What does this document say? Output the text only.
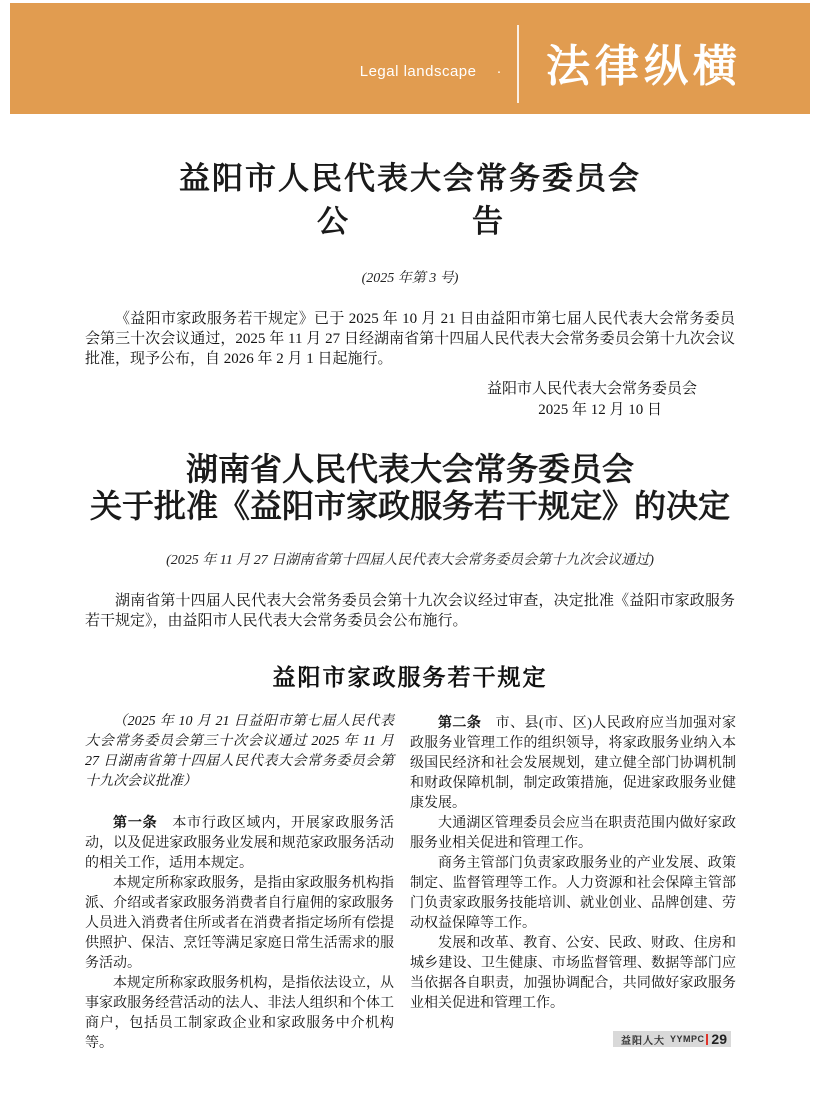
Legal landscape · 法律纵横
益阳市人民代表大会常务委员会
公　　　　告
(2025 年第 3 号)
《益阳市家政服务若干规定》已于 2025 年 10 月 21 日由益阳市第七届人民代表大会常务委员会第三十次会议通过，2025 年 11 月 27 日经湖南省第十四届人民代表大会常务委员会第十九次会议批准，现予公布，自 2026 年 2 月 1 日起施行。
益阳市人民代表大会常务委员会
2025 年 12 月 10 日
湖南省人民代表大会常务委员会
关于批准《益阳市家政服务若干规定》的决定
(2025 年 11 月 27 日湖南省第十四届人民代表大会常务委员会第十九次会议通过)
湖南省第十四届人民代表大会常务委员会第十九次会议经过审查，决定批准《益阳市家政服务若干规定》，由益阳市人民代表大会常务委员会公布施行。
益阳市家政服务若干规定

（2025 年 10 月 21 日益阳市第七届人民代表大会常务委员会第三十次会议通过 2025 年 11 月 27 日湖南省第十四届人民代表大会常务委员会第十九次会议批准）

第一条　本市行政区域内，开展家政服务活动，以及促进家政服务业发展和规范家政服务活动的相关工作，适用本规定。

本规定所称家政服务，是指由家政服务机构指派、介绍或者家政服务消费者自行雇佣的家政服务人员进入消费者住所或者在消费者指定场所有偿提供照护、保洁、烹饪等满足家庭日常生活需求的服务活动。

本规定所称家政服务机构，是指依法设立，从事家政服务经营活动的法人、非法人组织和个体工商户，包括员工制家政企业和家政服务中介机构等。

第二条　市、县(市、区)人民政府应当加强对家政服务业管理工作的组织领导，将家政服务业纳入本级国民经济和社会发展规划，建立健全部门协调机制和财政保障机制，制定政策措施，促进家政服务业健康发展。

大通湖区管理委员会应当在职责范围内做好家政服务业相关促进和管理工作。

商务主管部门负责家政服务业的产业发展、政策制定、监督管理等工作。人力资源和社会保障主管部门负责家政服务技能培训、就业创业、品牌创建、劳动权益保障等工作。

发展和改革、教育、公安、民政、财政、住房和城乡建设、卫生健康、市场监督管理、数据等部门应当依据各自职责，加强协调配合，共同做好家政服务业相关促进和管理工作。

益阳人大 YYMPC 29
